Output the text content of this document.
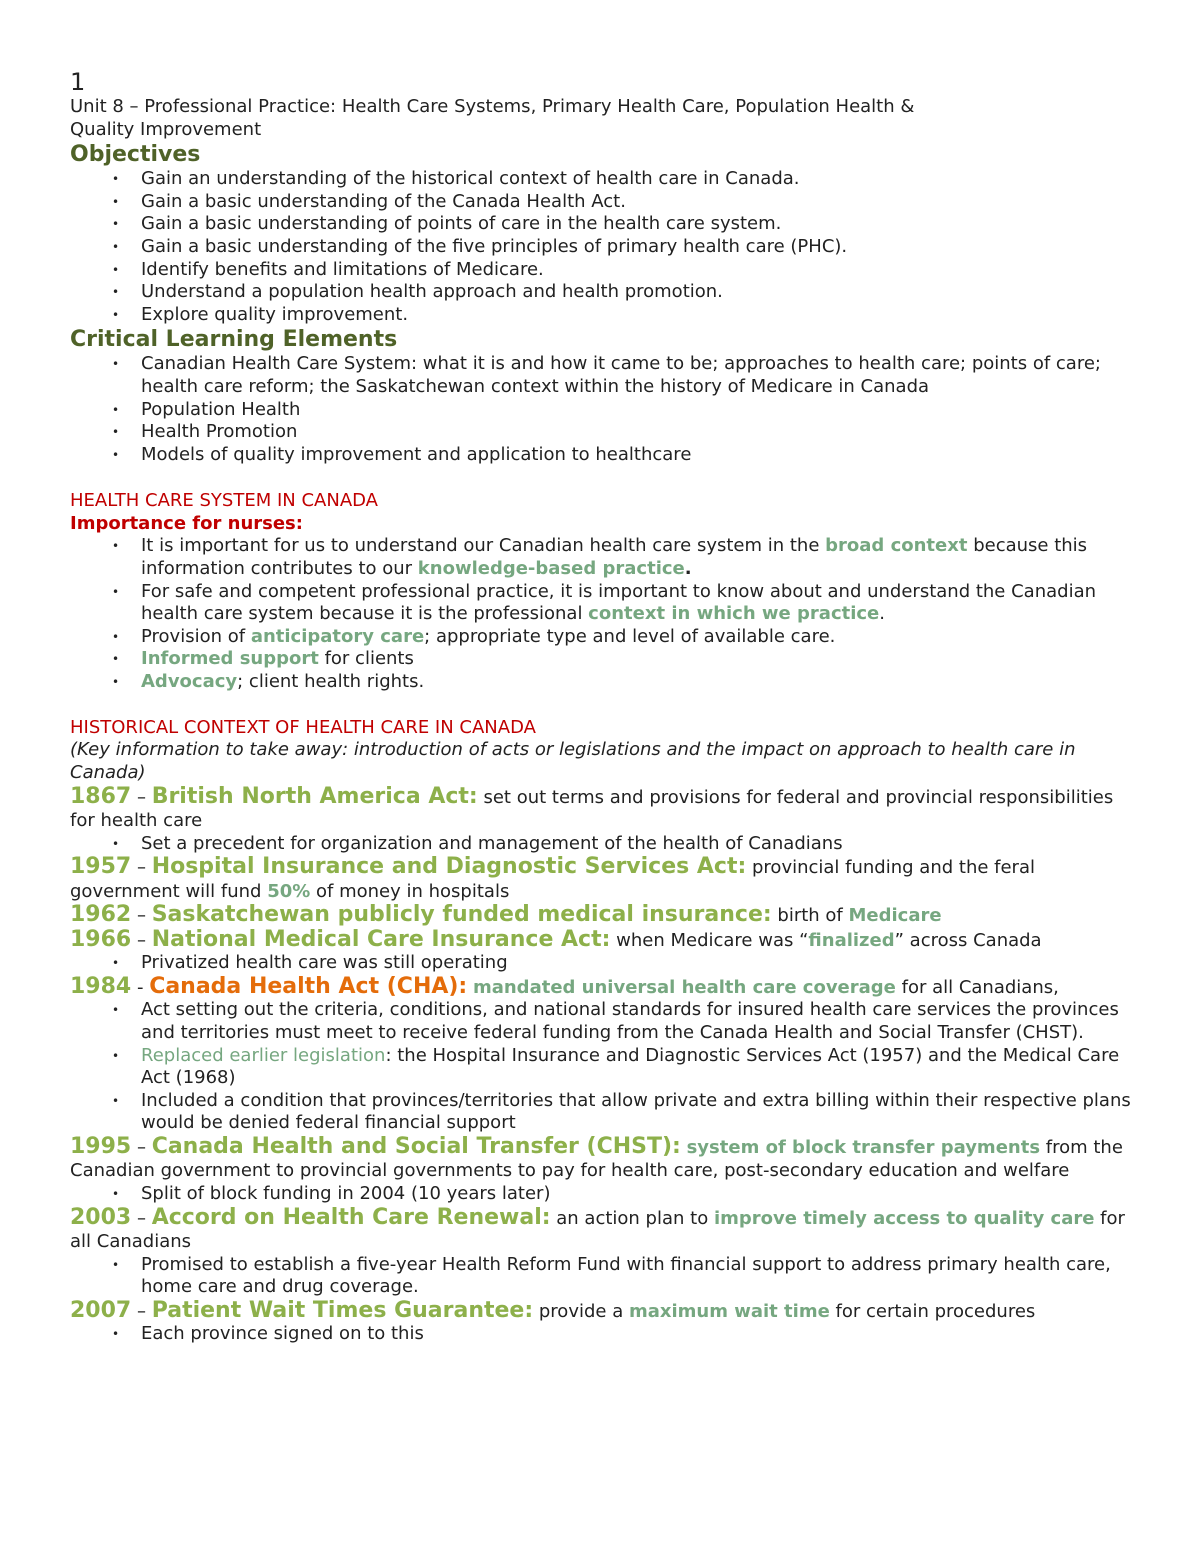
1

Unit 8 – Professional Practice: Health Care Systems, Primary Health Care, Population Health &

Quality Improvement

Objectives
• Gain an understanding of the historical context of health care in Canada.
• Gain a basic understanding of the Canada Health Act.
• Gain a basic understanding of points of care in the health care system.
• Gain a basic understanding of the five principles of primary health care (PHC).
• Identify benefits and limitations of Medicare.
• Understand a population health approach and health promotion.
• Explore quality improvement.
Critical Learning Elements
• Canadian Health Care System: what it is and how it came to be; approaches to health care; points of care; health care reform; the Saskatchewan context within the history of Medicare in Canada
• Population Health
• Health Promotion
• Models of quality improvement and application to healthcare
HEALTH CARE SYSTEM IN CANADA
Importance for nurses:
• It is important for us to understand our Canadian health care system in the broad context because this information contributes to our knowledge-based practice.
• For safe and competent professional practice, it is important to know about and understand the Canadian health care system because it is the professional context in which we practice.
• Provision of anticipatory care; appropriate type and level of available care.
• Informed support for clients
• Advocacy; client health rights.
HISTORICAL CONTEXT OF HEALTH CARE IN CANADA

(Key information to take away: introduction of acts or legislations and the impact on approach to health care in Canada)

1867 – British North America Act: set out terms and provisions for federal and provincial responsibilities for health care

• Set a precedent for organization and management of the health of Canadians

1957 – Hospital Insurance and Diagnostic Services Act: provincial funding and the feral government will fund 50% of money in hospitals

1962 – Saskatchewan publicly funded medical insurance: birth of Medicare

1966 – National Medical Care Insurance Act: when Medicare was “finalized” across Canada

• Privatized health care was still operating

1984 - Canada Health Act (CHA): mandated universal health care coverage for all Canadians,

• Act setting out the criteria, conditions, and national standards for insured health care services the provinces and territories must meet to receive federal funding from the Canada Health and Social Transfer (CHST).
• Replaced earlier legislation: the Hospital Insurance and Diagnostic Services Act (1957) and the Medical Care Act (1968)
• Included a condition that provinces/territories that allow private and extra billing within their respective plans would be denied federal financial support

1995 – Canada Health and Social Transfer (CHST): system of block transfer payments from the Canadian government to provincial governments to pay for health care, post-secondary education and welfare

• Split of block funding in 2004 (10 years later)

2003 – Accord on Health Care Renewal: an action plan to improve timely access to quality care for all Canadians

• Promised to establish a five-year Health Reform Fund with financial support to address primary health care, home care and drug coverage.

2007 – Patient Wait Times Guarantee: provide a maximum wait time for certain procedures

• Each province signed on to this
